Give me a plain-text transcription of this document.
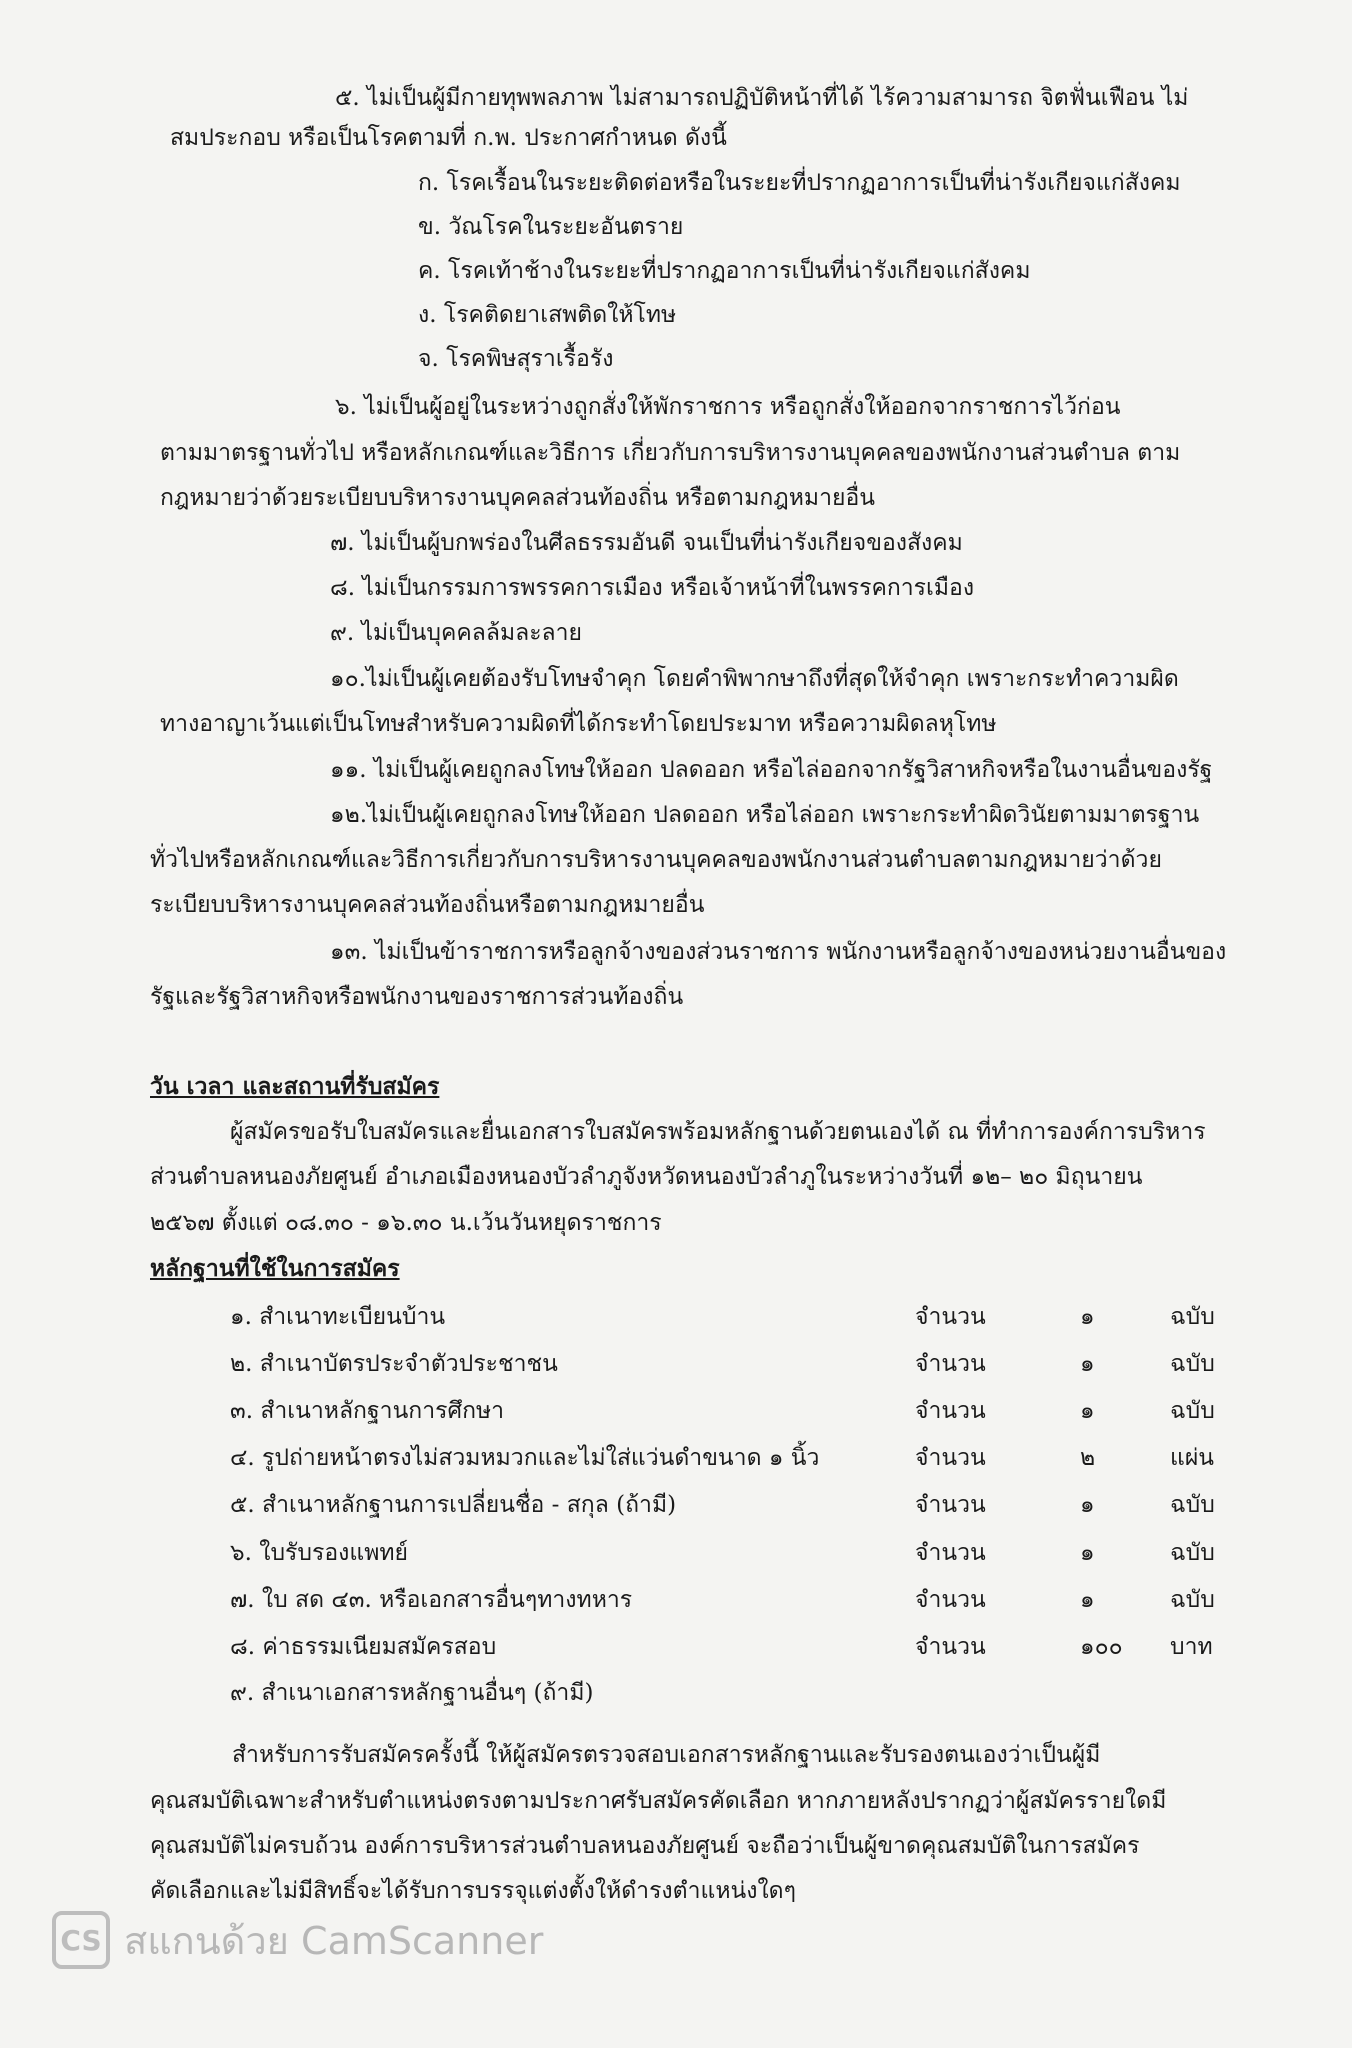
๕. ไม่เป็นผู้มีกายทุพพลภาพ ไม่สามารถปฏิบัติหน้าที่ได้ ไร้ความสามารถ จิตฟั่นเฟือน ไม่
สมประกอบ หรือเป็นโรคตามที่ ก.พ. ประกาศกำหนด ดังนี้
ก. โรคเรื้อนในระยะติดต่อหรือในระยะที่ปรากฏอาการเป็นที่น่ารังเกียจแก่สังคม
ข. วัณโรคในระยะอันตราย
ค. โรคเท้าช้างในระยะที่ปรากฏอาการเป็นที่น่ารังเกียจแก่สังคม
ง. โรคติดยาเสพติดให้โทษ
จ. โรคพิษสุราเรื้อรัง
๖. ไม่เป็นผู้อยู่ในระหว่างถูกสั่งให้พักราชการ หรือถูกสั่งให้ออกจากราชการไว้ก่อน
ตามมาตรฐานทั่วไป หรือหลักเกณฑ์และวิธีการ เกี่ยวกับการบริหารงานบุคคลของพนักงานส่วนตำบล ตาม
กฎหมายว่าด้วยระเบียบบริหารงานบุคคลส่วนท้องถิ่น หรือตามกฎหมายอื่น
๗. ไม่เป็นผู้บกพร่องในศีลธรรมอันดี จนเป็นที่น่ารังเกียจของสังคม
๘. ไม่เป็นกรรมการพรรคการเมือง หรือเจ้าหน้าที่ในพรรคการเมือง
๙. ไม่เป็นบุคคลล้มละลาย
๑๐.ไม่เป็นผู้เคยต้องรับโทษจำคุก โดยคำพิพากษาถึงที่สุดให้จำคุก เพราะกระทำความผิด
ทางอาญาเว้นแต่เป็นโทษสำหรับความผิดที่ได้กระทำโดยประมาท หรือความผิดลหุโทษ
๑๑. ไม่เป็นผู้เคยถูกลงโทษให้ออก ปลดออก หรือไล่ออกจากรัฐวิสาหกิจหรือในงานอื่นของรัฐ
๑๒.ไม่เป็นผู้เคยถูกลงโทษให้ออก ปลดออก หรือไล่ออก เพราะกระทำผิดวินัยตามมาตรฐาน
ทั่วไปหรือหลักเกณฑ์และวิธีการเกี่ยวกับการบริหารงานบุคคลของพนักงานส่วนตำบลตามกฎหมายว่าด้วย
ระเบียบบริหารงานบุคคลส่วนท้องถิ่นหรือตามกฎหมายอื่น
๑๓. ไม่เป็นข้าราชการหรือลูกจ้างของส่วนราชการ พนักงานหรือลูกจ้างของหน่วยงานอื่นของ
รัฐและรัฐวิสาหกิจหรือพนักงานของราชการส่วนท้องถิ่น
วัน เวลา และสถานที่รับสมัคร
ผู้สมัครขอรับใบสมัครและยื่นเอกสารใบสมัครพร้อมหลักฐานด้วยตนเองได้ ณ ที่ทำการองค์การบริหาร
ส่วนตำบลหนองภัยศูนย์ อำเภอเมืองหนองบัวลำภูจังหวัดหนองบัวลำภูในระหว่างวันที่ ๑๒– ๒๐ มิถุนายน
๒๕๖๗ ตั้งแต่ ๐๘.๓๐ - ๑๖.๓๐ น.เว้นวันหยุดราชการ
หลักฐานที่ใช้ในการสมัคร
๑. สำเนาทะเบียนบ้าน	จำนวน	๑	ฉบับ
๒. สำเนาบัตรประจำตัวประชาชน	จำนวน	๑	ฉบับ
๓. สำเนาหลักฐานการศึกษา	จำนวน	๑	ฉบับ
๔. รูปถ่ายหน้าตรงไม่สวมหมวกและไม่ใส่แว่นดำขนาด ๑ นิ้ว	จำนวน	๒	แผ่น
๕. สำเนาหลักฐานการเปลี่ยนชื่อ - สกุล (ถ้ามี)	จำนวน	๑	ฉบับ
๖. ใบรับรองแพทย์	จำนวน	๑	ฉบับ
๗. ใบ สด ๔๓. หรือเอกสารอื่นๆทางทหาร	จำนวน	๑	ฉบับ
๘. ค่าธรรมเนียมสมัครสอบ	จำนวน	๑๐๐ บาท
๙. สำเนาเอกสารหลักฐานอื่นๆ (ถ้ามี)
สำหรับการรับสมัครครั้งนี้ ให้ผู้สมัครตรวจสอบเอกสารหลักฐานและรับรองตนเองว่าเป็นผู้มี
คุณสมบัติเฉพาะสำหรับตำแหน่งตรงตามประกาศรับสมัครคัดเลือก หากภายหลังปรากฏว่าผู้สมัครรายใดมี
คุณสมบัติไม่ครบถ้วน องค์การบริหารส่วนตำบลหนองภัยศูนย์ จะถือว่าเป็นผู้ขาดคุณสมบัติในการสมัคร
คัดเลือกและไม่มีสิทธิ์จะได้รับการบรรจุแต่งตั้งให้ดำรงตำแหน่งใดๆ
CS สแกนด้วย CamScanner
